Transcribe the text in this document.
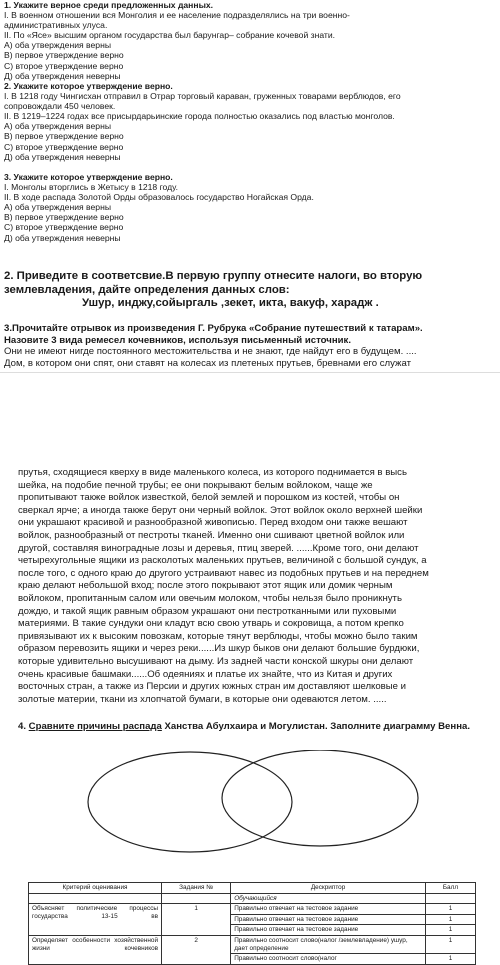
1. Укажите верное среди предложенных данных.
I. В военном отношении вся Монголия и ее население подразделялись на три военно-
административных улуса.
II. По «Ясе» высшим органом государства был барунгар– собрание кочевой знати.
А) оба утверждения верны
В) первое утверждение верно
С) второе утверждение верно
Д) оба утверждения неверны
2. Укажите которое утверждение верно.
I. В 1218 году Чингисхан отправил в Отрар торговый караван, груженных товарами верблюдов, его
сопровождали 450 человек.
II. В 1219–1224 годах все присырдарьинские города полностью оказались под властью монголов.
А) оба утверждения верны
В) первое утверждение верно
С) второе утверждение верно
Д) оба утверждения неверны
3. Укажите которое утверждение верно.
I. Монголы вторглись в Жетысу в 1218 году.
II. В ходе распада Золотой Орды образовалось государство Ногайская Орда.
А) оба утверждения верны
В) первое утверждение верно
С) второе утверждение верно
Д) оба утверждения неверны
2. Приведите в соответсвие.В первую группу отнесите налоги, во вторую
землевладения, дайте определения данных слов:
Ушур, инджу,сойыргаль ,зекет, икта, вакуф, харадж .
3.Прочитайте отрывок из произведения Г. Рубрука «Собрание путешествий к татарам».
Назовите 3 вида ремесел кочевников, используя письменный источник.
Они не имеют нигде постоянного местожительства и не знают, где найдут его в будущем. ....
Дом, в котором они спят, они ставят на колесах из плетеных прутьев, бревнами его служат
прутья, сходящиеся кверху в виде маленького колеса, из которого поднимается в высь
шейка, на подобие печной трубы; ее они покрывают белым войлоком, чаще же
пропитывают также войлок известкой, белой землей и порошком из костей, чтобы он
сверкал ярче; а иногда также берут они черный войлок. Этот войлок около верхней шейки
они украшают красивой и разнообразной живописью. Перед входом они также вешают
войлок, разнообразный от пестроты тканей. Именно они сшивают цветной войлок или
другой, составляя виноградные лозы и деревья, птиц зверей. ......Кроме того, они делают
четырехугольные ящики из расколотых маленьких прутьев, величиной с большой сундук, а
после того, с одного краю до другого устраивают навес из подобных прутьев и на переднем
краю делают небольшой вход; после этого покрывают этот ящик или домик черным
войлоком, пропитанным салом или овечьим молоком, чтобы нельзя было проникнуть
дождю, и такой ящик равным образом украшают они пестротканными или пуховыми
материями. В такие сундуки они кладут всю свою утварь и сокровища, а потом крепко
привязывают их к высоким повозкам, которые тянут верблюды, чтобы можно было таким
образом перевозить ящики и через реки......Из шкур быков они делают большие бурдюки,
которые удивительно высушивают на дыму. Из задней части конской шкуры они делают
очень красивые башмаки......Об одеяниях и платье их знайте, что из Китая и других
восточных стран, а также из Персии и других южных стран им доставляют шелковые и
золотые материи, ткани из хлопчатой бумаги, в которые они одеваются летом. .....
4. Сравните причины распада Ханства Абулхаира и Могулистан. Заполните диаграмму Венна.
Критерий оценивания	Задания №	Дескриптор	Балл
		Обучающийся	
Объясняет политические процессы государства 13-15 вв	1	Правильно отвечает на тестовое задание	1
		Правильно отвечает на тестовое задание	1
		Правильно отвечает на тестовое задание	1
Определяет особенности хозяйственной жизни кочевников	2	Правильно соотносит слово(налог /землевладение) ушур, дает определение	1
		Правильно соотносит слово(налог	1
